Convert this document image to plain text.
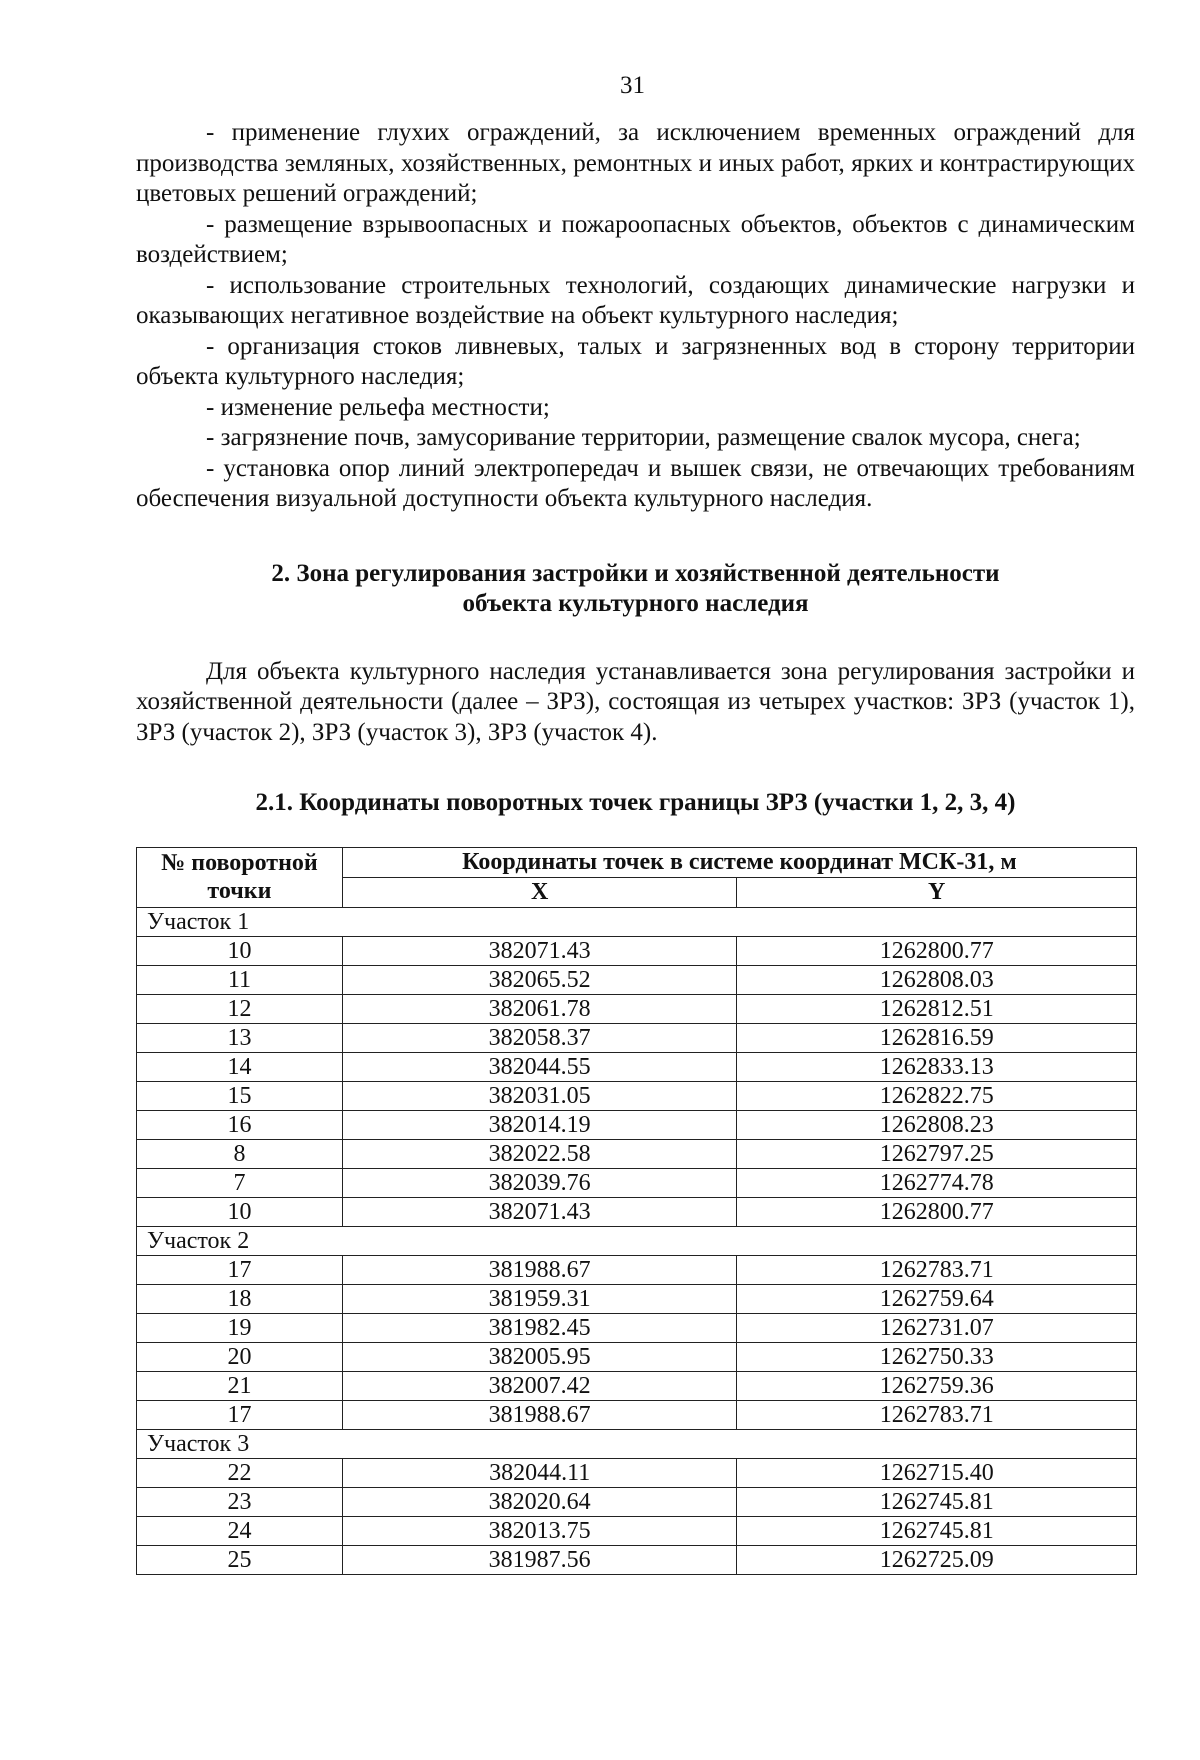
31

- применение глухих ограждений, за исключением временных ограждений для производства земляных, хозяйственных, ремонтных и иных работ, ярких и контрастирующих цветовых решений ограждений;

- размещение взрывоопасных и пожароопасных объектов, объектов с динамическим воздействием;

- использование строительных технологий, создающих динамические нагрузки и оказывающих негативное воздействие на объект культурного наследия;

- организация стоков ливневых, талых и загрязненных вод в сторону территории объекта культурного наследия;

- изменение рельефа местности;

- загрязнение почв, замусоривание территории, размещение свалок мусора, снега;

- установка опор линий электропередач и вышек связи, не отвечающих требованиям обеспечения визуальной доступности объекта культурного наследия.

2. Зона регулирования застройки и хозяйственной деятельности
объекта культурного наследия

Для объекта культурного наследия устанавливается зона регулирования застройки и хозяйственной деятельности (далее – ЗРЗ), состоящая из четырех участков: ЗРЗ (участок 1), ЗРЗ (участок 2), ЗРЗ (участок 3), ЗРЗ (участок 4).

2.1. Координаты поворотных точек границы ЗРЗ (участки 1, 2, 3, 4)
№ поворотной
точки	Координаты точек в системе координат МСК-31, м	
	X	Y
Участок 1		
10	382071.43	1262800.77
11	382065.52	1262808.03
12	382061.78	1262812.51
13	382058.37	1262816.59
14	382044.55	1262833.13
15	382031.05	1262822.75
16	382014.19	1262808.23
8	382022.58	1262797.25
7	382039.76	1262774.78
10	382071.43	1262800.77
Участок 2		
17	381988.67	1262783.71
18	381959.31	1262759.64
19	381982.45	1262731.07
20	382005.95	1262750.33
21	382007.42	1262759.36
17	381988.67	1262783.71
Участок 3		
22	382044.11	1262715.40
23	382020.64	1262745.81
24	382013.75	1262745.81
25	381987.56	1262725.09
